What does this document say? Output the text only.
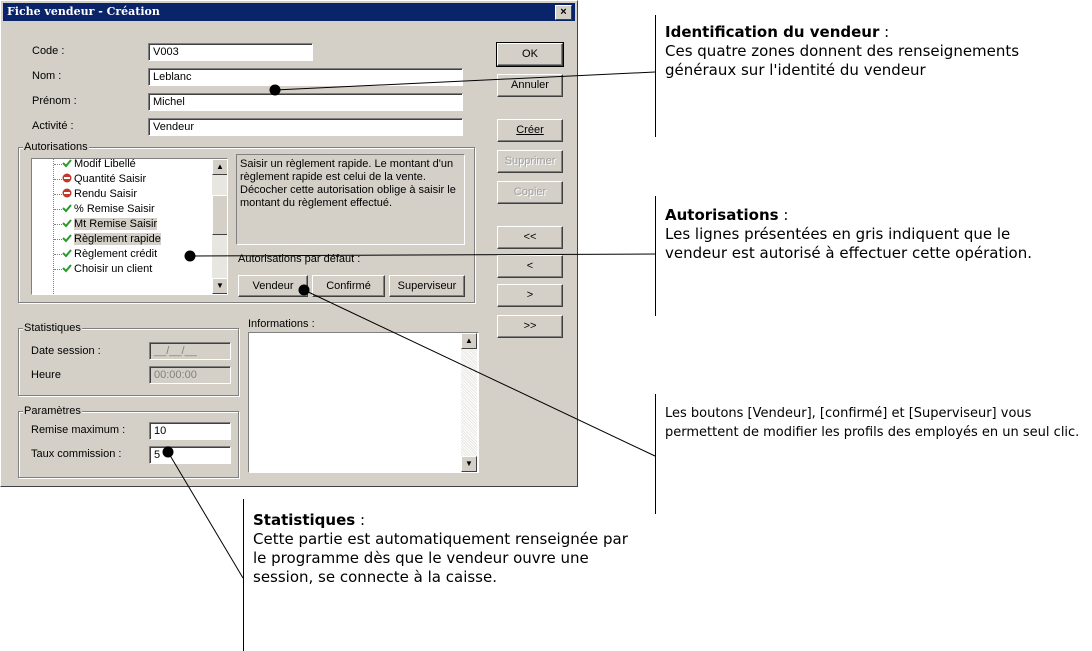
Fiche vendeur - Création	×
Code :	V003
Nom :	Leblanc
Prénom :	Michel
Activité :	Vendeur
OK
Annuler
Créer
Supprimer
Copier
<<
<
>
>>
Autorisations
Modif Libellé
Quantité Saisir
Rendu Saisir
% Remise Saisir
Mt Remise Saisir
Règlement rapide
Règlement crédit
Choisir un client
▲
▼
Saisir un règlement rapide. Le montant d'un règlement rapide est celui de la vente. Décocher cette autorisation oblige à saisir le montant du règlement effectué.
Autorisations par défaut :
Vendeur	Confirmé	Superviseur
Statistiques
Date session :	__/__/__
Heure	00:00:00
Paramètres
Remise maximum :	10
Taux commission :	5
Informations :
▲
▼
Identification du vendeur :
Ces quatre zones donnent des renseignements généraux sur l'identité du vendeur
Autorisations :
Les lignes présentées en gris indiquent que le vendeur est autorisé à effectuer cette opération.
Les boutons [Vendeur], [confirmé] et [Superviseur] vous permettent de modifier les profils des employés en un seul clic.
Statistiques :
Cette partie est automatiquement renseignée par le programme dès que le vendeur ouvre une session, se connecte à la caisse.
